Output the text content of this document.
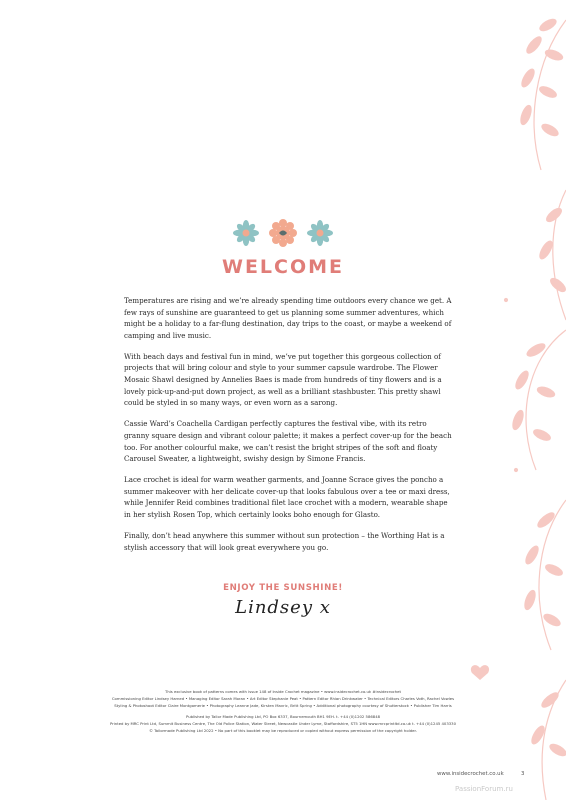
WELCOME

Temperatures are rising and we’re already spending time outdoors every chance we get. A few rays of sunshine are guaranteed to get us planning some summer adventures, which might be a holiday to a far-flung destination, day trips to the coast, or maybe a weekend of camping and live music.

With beach days and festival fun in mind, we’ve put together this gorgeous collection of projects that will bring colour and style to your summer capsule wardrobe. The Flower Mosaic Shawl designed by Annelies Baes is made from hundreds of tiny flowers and is a lovely pick-up-and-put down project, as well as a brilliant stashbuster. This pretty shawl could be styled in so many ways, or even worn as a sarong.

Cassie Ward’s Coachella Cardigan perfectly captures the festival vibe, with its retro granny square design and vibrant colour palette; it makes a perfect cover-up for the beach too. For another colourful make, we can’t resist the bright stripes of the soft and floaty Carousel Sweater, a lightweight, swishy design by Simone Francis.

Lace crochet is ideal for warm weather garments, and Joanne Scrace gives the poncho a summer makeover with her delicate cover-up that looks fabulous over a tee or maxi dress, while Jennifer Reid combines traditional filet lace crochet with a modern, wearable shape in her stylish Rosen Top, which certainly looks boho enough for Glasto.

Finally, don’t head anywhere this summer without sun protection – the Worthing Hat is a stylish accessory that will look great everywhere you go.

ENJOY THE SUNSHINE!
Lindsey x
This exclusive book of patterns comes with issue 148 of Inside Crochet magazine • www.insidecrochet.co.uk #insidecrochet
Commissioning Editor Lindsey Harned • Managing Editor Sarah Moran • Art Editor Stephanie Peat • Pattern Editor Rhian Drinkwater • Technical Editors Charles Voth, Rachel Vowles
Styling & Photoshoot Editor Claire Montgomerie • Photography Leanne Jade, Kirsten Mavric, Britt Spring • Additional photography courtesy of Shutterstock • Publisher Tim Harris
Published by Tailor Made Publishing Ltd, PO Box 6337, Bournemouth BH1 9EH. t. +44 (0)1202 586848
Printed by MRC Print Ltd, Summit Business Centre, The Old Police Station, Water Street, Newcastle Under Lyme, Staffordshire, ST5 1HN www.mrcprintltd.co.uk t. +44 (0)1245 403330
© Tailormade Publishing Ltd 2022 • No part of this booklet may be reproduced or copied without express permission of the copyright holder.
www.insidecrochet.co.uk	3
PassionForum.ru
